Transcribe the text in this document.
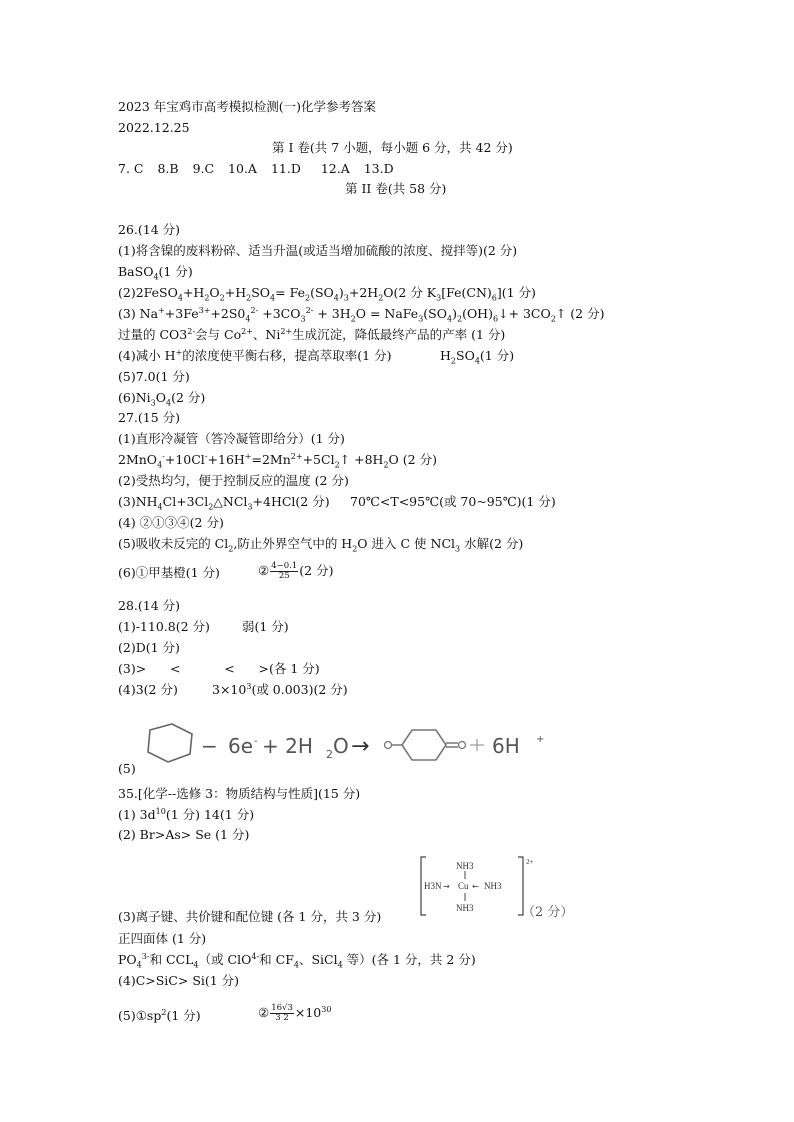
2023 年宝鸡市高考模拟检测(一)化学参考答案
2022.12.25
第 I 卷(共 7 小题，每小题 6 分，共 42 分)
7. C 8.B 9.C 10.A 11.D 12.A 13.D
第 II 卷(共 58 分)
26.(14 分)
(1)将含镍的废料粉碎、适当升温(或适当增加硫酸的浓度、搅拌等)(2 分)
BaSO$_4$(1 分)
$(2)2FeSO_4+H_2O_2+H_2SO_4= Fe_2(SO_4)_3+2H_2O(2$ 分 $K_3[Fe(CN)_6](1$ 分)
(3) $Na^++3Fe^{3+}+2S0_4^{2-} +3CO_3^{2-} + 3H_2O$ = $NaFe_3(SO_4)_2(OH)_6↓+$ $3CO_2↑$ (2 分)
过量的 $CO3^{2-}$会与 $Co^{2+}$、$Ni^{2+}$生成沉淀，降低最终产品的产率 (1 分)
(4)减小 H+的浓度使平衡右移，提高萃取率(1 分)	$H_2SO_4(1$ 分)
(5)7.0(1 分)
$(6)Ni_3O_4(2$ 分)
27.(15 分)
(1)直形冷凝管（答冷凝管即给分）(1 分)
$2MnO_4^-+10Cl^-+16H^+=2Mn^{2+}+5Cl_2↑ +8H_2O$ (2 分)
(2)受热均匀，便于控制反应的温度 (2 分)
$(3)NH_4Cl+3Cl_2\triangle NCl_3+4HCl(2$ 分) 70℃<T<95℃(或 70~95℃)(1 分)
(4) ②①③④(2 分)
(5)吸收未反完的 $Cl_2$,防止外界空气中的 $H_2O$ 进入 C 使 NCl$_3$ 水解(2 分)
(6)①甲基橙(1 分)	② $\frac{4-0.1}{25} (2$ 分)
28.(14 分)
(1)-110.8(2 分)	弱(1 分)
(2)D(1 分)
(3)>      <           <      >(各 1 分)
(4)3(2 分)	$3\times 10^3$(或 0.003)(2 分)
− 6e - + 2H 2 O →	6H +
(5)
35.[化学--选修 3：物质结构与性质](15 分)
(1) $3d^{10}(1$ 分) 14(1 分)
(2) Br>As> Se (1 分)
2+
NH3
H3N → Cu ← NH3
NH3	（2 分）
(3)离子键、共价键和配位键 (各 1 分，共 3 分)
正四面体 (1 分)
$PO_4^{3-}$和 $CCL_4$（或 ClO$^{4-}$和 $CF_4$、SiCl$_4$ 等）(各 1 分，共 2 分)
(4)C>SiC> Si(1 分)
$(5)①sp^2(1$ 分)	② $\frac{16√3}{3 2} \times 10^{30}$
